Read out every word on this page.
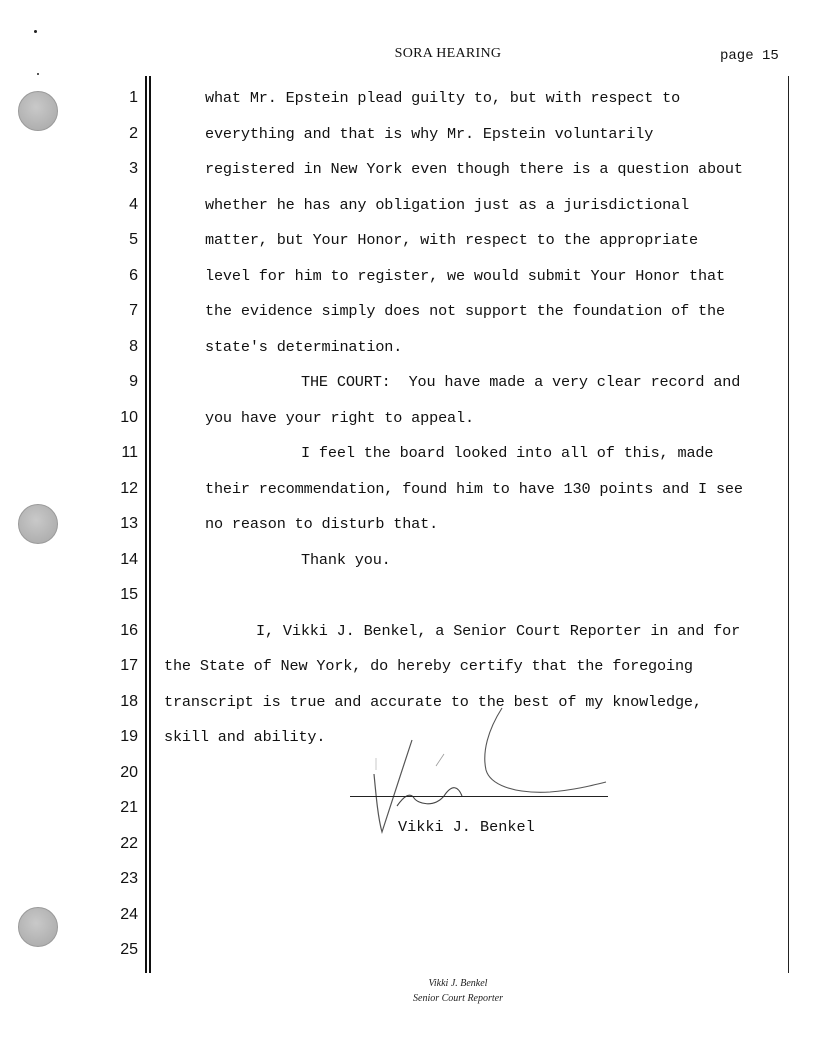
SORA HEARING	page 15
1	what Mr. Epstein plead guilty to, but with respect to
2	everything and that is why Mr. Epstein voluntarily
3	registered in New York even though there is a question about
4	whether he has any obligation just as a jurisdictional
5	matter, but Your Honor, with respect to the appropriate
6	level for him to register, we would submit Your Honor that
7	the evidence simply does not support the foundation of the
8	state's determination.
9	THE COURT:  You have made a very clear record and
10	you have your right to appeal.
11	I feel the board looked into all of this, made
12	their recommendation, found him to have 130 points and I see
13	no reason to disturb that.
14	Thank you.
15
16	I, Vikki J. Benkel, a Senior Court Reporter in and for
17 the State of New York, do hereby certify that the foregoing
18 transcript is true and accurate to the best of my knowledge,
19 skill and ability.
20
21
22
23
24
25
Vikki J. Benkel
Vikki J. Benkel
Senior Court Reporter
